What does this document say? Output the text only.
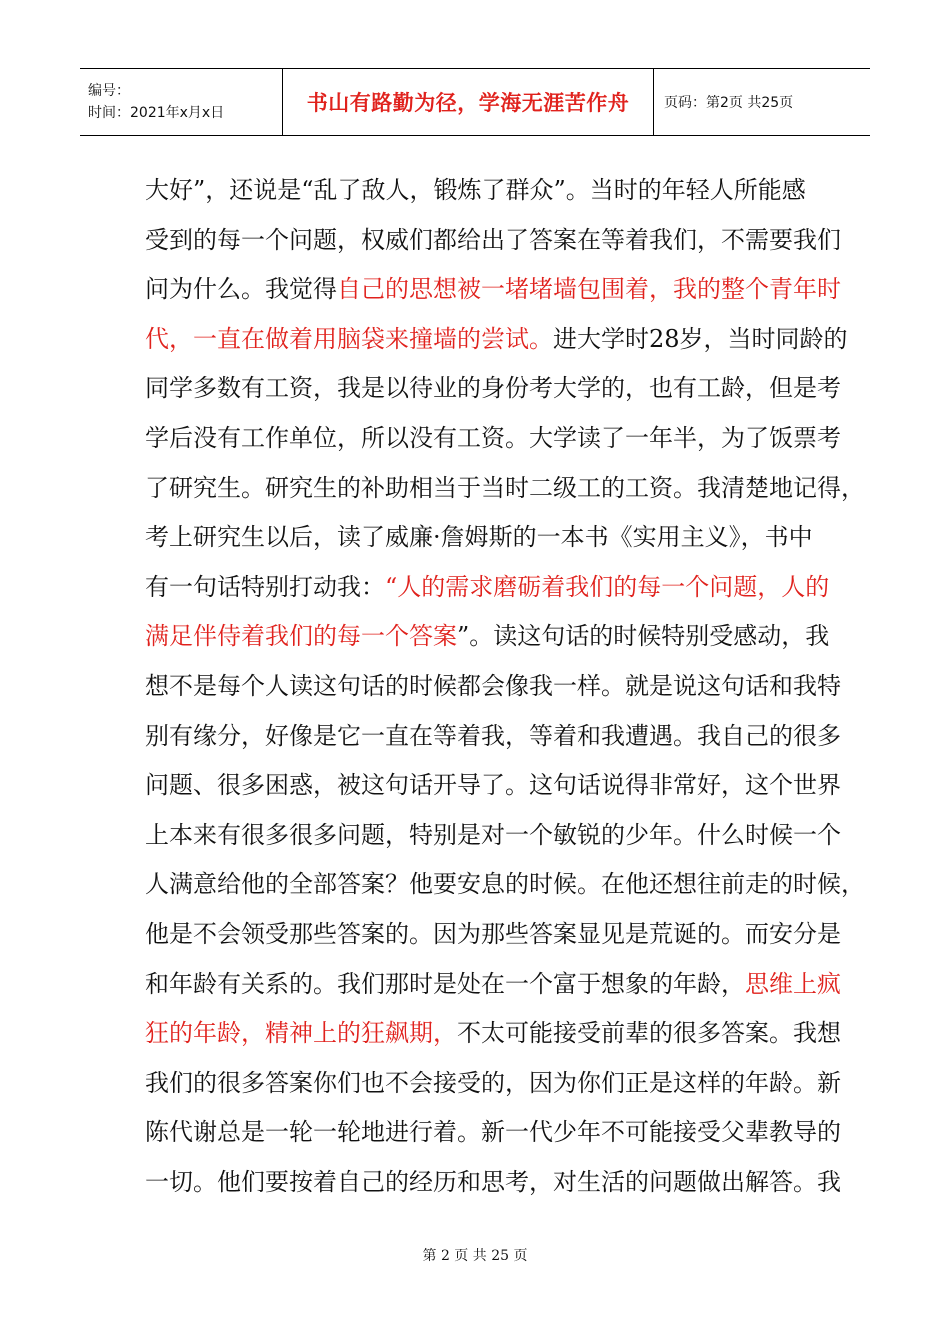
编号：
时间：2021年x月x日	书山有路勤为径，学海无涯苦作舟 页码：第2页 共25页
大好”，还说是“乱了敌人，锻炼了群众”。当时的年轻人所能感
受到的每一个问题，权威们都给出了答案在等着我们，不需要我们
问为什么。我觉得自己的思想被一堵堵墙包围着，我的整个青年时
代，一直在做着用脑袋来撞墙的尝试。进大学时28岁，当时同龄的
同学多数有工资，我是以待业的身份考大学的，也有工龄，但是考
学后没有工作单位，所以没有工资。大学读了一年半，为了饭票考
了研究生。研究生的补助相当于当时二级工的工资。我清楚地记得，
考上研究生以后，读了威廉·詹姆斯的一本书《实用主义》，书中
有一句话特别打动我：“人的需求磨砺着我们的每一个问题，人的
满足伴侍着我们的每一个答案”。读这句话的时候特别受感动，我
想不是每个人读这句话的时候都会像我一样。就是说这句话和我特
别有缘分，好像是它一直在等着我，等着和我遭遇。我自己的很多
问题、很多困惑，被这句话开导了。这句话说得非常好，这个世界
上本来有很多很多问题，特别是对一个敏锐的少年。什么时候一个
人满意给他的全部答案？他要安息的时候。在他还想往前走的时候，
他是不会领受那些答案的。因为那些答案显见是荒诞的。而安分是
和年龄有关系的。我们那时是处在一个富于想象的年龄，思维上疯
狂的年龄，精神上的狂飙期，不太可能接受前辈的很多答案。我想
我们的很多答案你们也不会接受的，因为你们正是这样的年龄。新
陈代谢总是一轮一轮地进行着。新一代少年不可能接受父辈教导的
一切。他们要按着自己的经历和思考，对生活的问题做出解答。我
第 2 页 共 25 页
